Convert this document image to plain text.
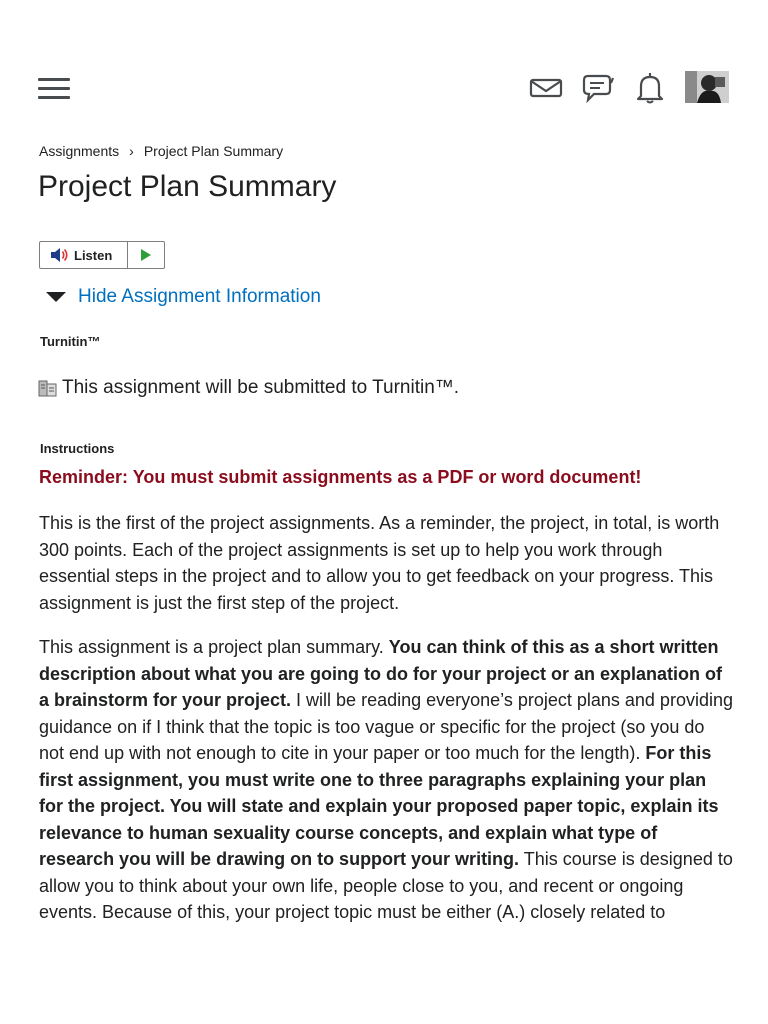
Assignments › Project Plan Summary
Project Plan Summary
Listen
Hide Assignment Information
Turnitin™
This assignment will be submitted to Turnitin™.
Instructions
Reminder: You must submit assignments as a PDF or word document!

This is the first of the project assignments. As a reminder, the project, in total, is worth 300 points. Each of the project assignments is set up to help you work through essential steps in the project and to allow you to get feedback on your progress. This assignment is just the first step of the project.

This assignment is a project plan summary. You can think of this as a short written description about what you are going to do for your project or an explanation of a brainstorm for your project. I will be reading everyone’s project plans and providing guidance on if I think that the topic is too vague or specific for the project (so you do not end up with not enough to cite in your paper or too much for the length). For this first assignment, you must write one to three paragraphs explaining your plan for the project. You will state and explain your proposed paper topic, explain its relevance to human sexuality course concepts, and explain what type of research you will be drawing on to support your writing. This course is designed to allow you to think about your own life, people close to you, and recent or ongoing events. Because of this, your project topic must be either (A.) closely related to
